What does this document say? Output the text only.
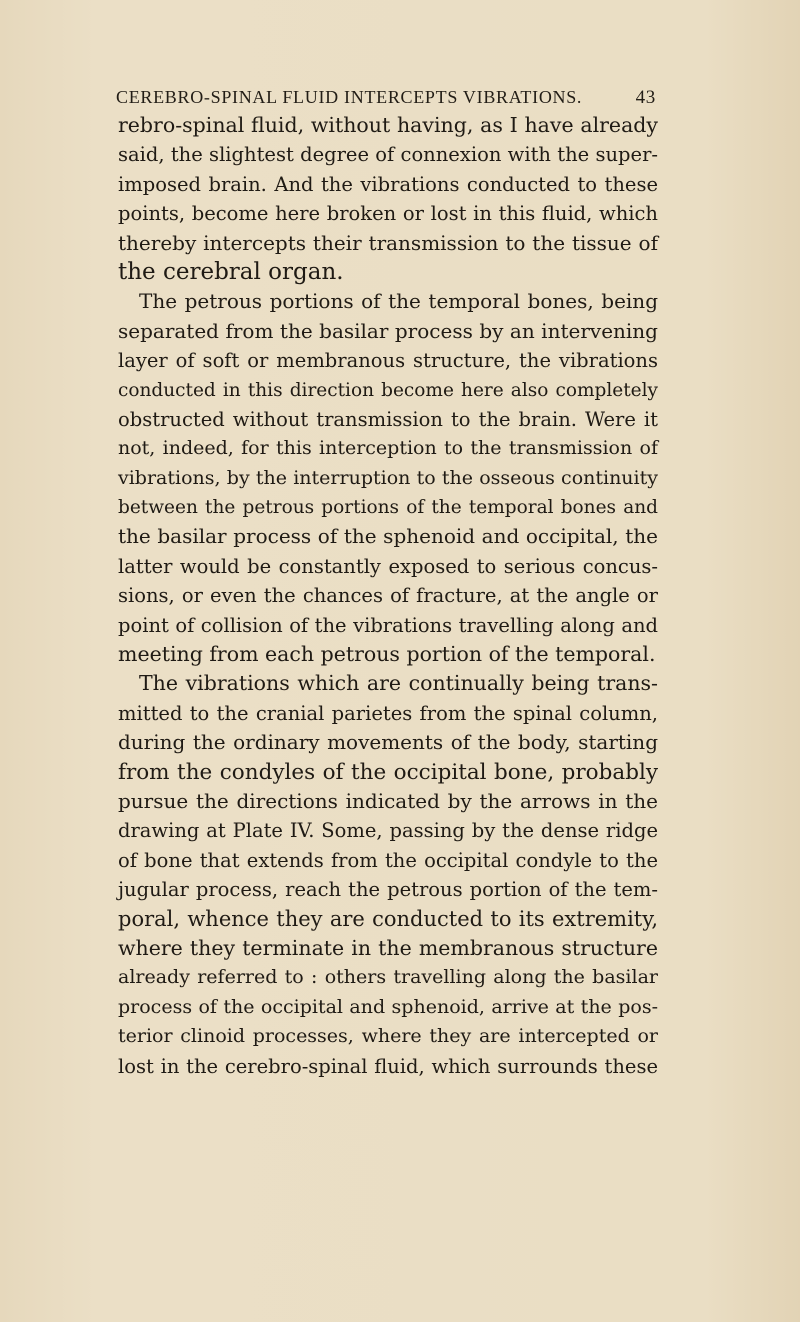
CEREBRO-SPINAL FLUID INTERCEPTS VIBRATIONS.	43
rebro-spinal fluid, without having, as I have already
said, the slightest degree of connexion with the super-
imposed brain. And the vibrations conducted to these
points, become here broken or lost in this fluid, which
thereby intercepts their transmission to the tissue of
the cerebral organ.
The petrous portions of the temporal bones, being
separated from the basilar process by an intervening
layer of soft or membranous structure, the vibrations
conducted in this direction become here also completely
obstructed without transmission to the brain. Were it
not, indeed, for this interception to the transmission of
vibrations, by the interruption to the osseous continuity
between the petrous portions of the temporal bones and
the basilar process of the sphenoid and occipital, the
latter would be constantly exposed to serious concus-
sions, or even the chances of fracture, at the angle or
point of collision of the vibrations travelling along and
meeting from each petrous portion of the temporal.
The vibrations which are continually being trans-
mitted to the cranial parietes from the spinal column,
during the ordinary movements of the body, starting
from the condyles of the occipital bone, probably
pursue the directions indicated by the arrows in the
drawing at Plate IV. Some, passing by the dense ridge
of bone that extends from the occipital condyle to the
jugular process, reach the petrous portion of the tem-
poral, whence they are conducted to its extremity,
where they terminate in the membranous structure
already referred to : others travelling along the basilar
process of the occipital and sphenoid, arrive at the pos-
terior clinoid processes, where they are intercepted or
lost in the cerebro-spinal fluid, which surrounds these
